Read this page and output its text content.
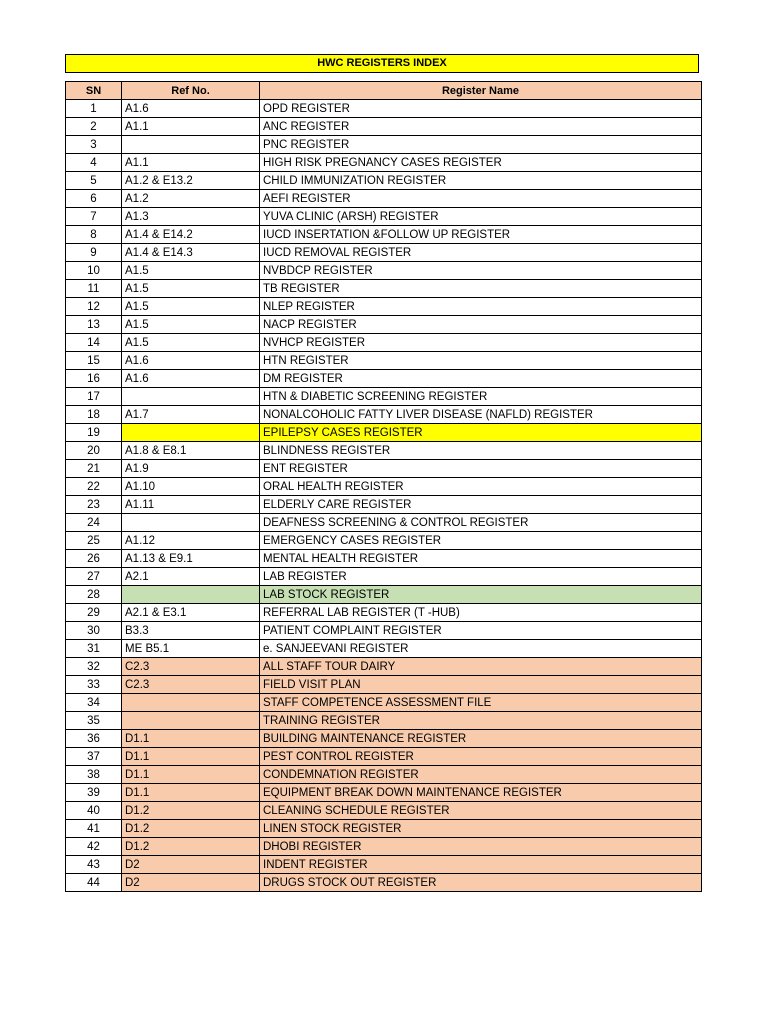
HWC REGISTERS INDEX
SN	Ref No.	Register Name
1	A1.6	OPD REGISTER
2	A1.1	ANC REGISTER
3		PNC REGISTER
4	A1.1	HIGH RISK PREGNANCY CASES REGISTER
5	A1.2 & E13.2	CHILD IMMUNIZATION REGISTER
6	A1.2	AEFI REGISTER
7	A1.3	YUVA CLINIC (ARSH) REGISTER
8	A1.4 & E14.2	IUCD INSERTATION &FOLLOW UP REGISTER
9	A1.4 & E14.3	IUCD REMOVAL REGISTER
10	A1.5	NVBDCP REGISTER
11	A1.5	TB REGISTER
12	A1.5	NLEP REGISTER
13	A1.5	NACP REGISTER
14	A1.5	NVHCP REGISTER
15	A1.6	HTN REGISTER
16	A1.6	DM REGISTER
17		HTN & DIABETIC SCREENING REGISTER
18	A1.7	NONALCOHOLIC FATTY LIVER DISEASE (NAFLD) REGISTER
19		EPILEPSY CASES REGISTER
20	A1.8 & E8.1	BLINDNESS REGISTER
21	A1.9	ENT REGISTER
22	A1.10	ORAL HEALTH REGISTER
23	A1.11	ELDERLY CARE REGISTER
24		DEAFNESS SCREENING & CONTROL REGISTER
25	A1.12	EMERGENCY CASES REGISTER
26	A1.13 & E9.1	MENTAL HEALTH REGISTER
27	A2.1	LAB REGISTER
28		LAB STOCK REGISTER
29	A2.1 & E3.1	REFERRAL LAB REGISTER (T -HUB)
30	B3.3	PATIENT COMPLAINT REGISTER
31	ME B5.1	e. SANJEEVANI REGISTER
32	C2.3	ALL STAFF TOUR DAIRY
33	C2.3	FIELD VISIT PLAN
34		STAFF COMPETENCE ASSESSMENT FILE
35		TRAINING REGISTER
36	D1.1	BUILDING MAINTENANCE REGISTER
37	D1.1	PEST CONTROL REGISTER
38	D1.1	CONDEMNATION REGISTER
39	D1.1	EQUIPMENT BREAK DOWN MAINTENANCE REGISTER
40	D1.2	CLEANING SCHEDULE REGISTER
41	D1.2	LINEN STOCK REGISTER
42	D1.2	DHOBI REGISTER
43	D2	INDENT REGISTER
44	D2	DRUGS STOCK OUT REGISTER
